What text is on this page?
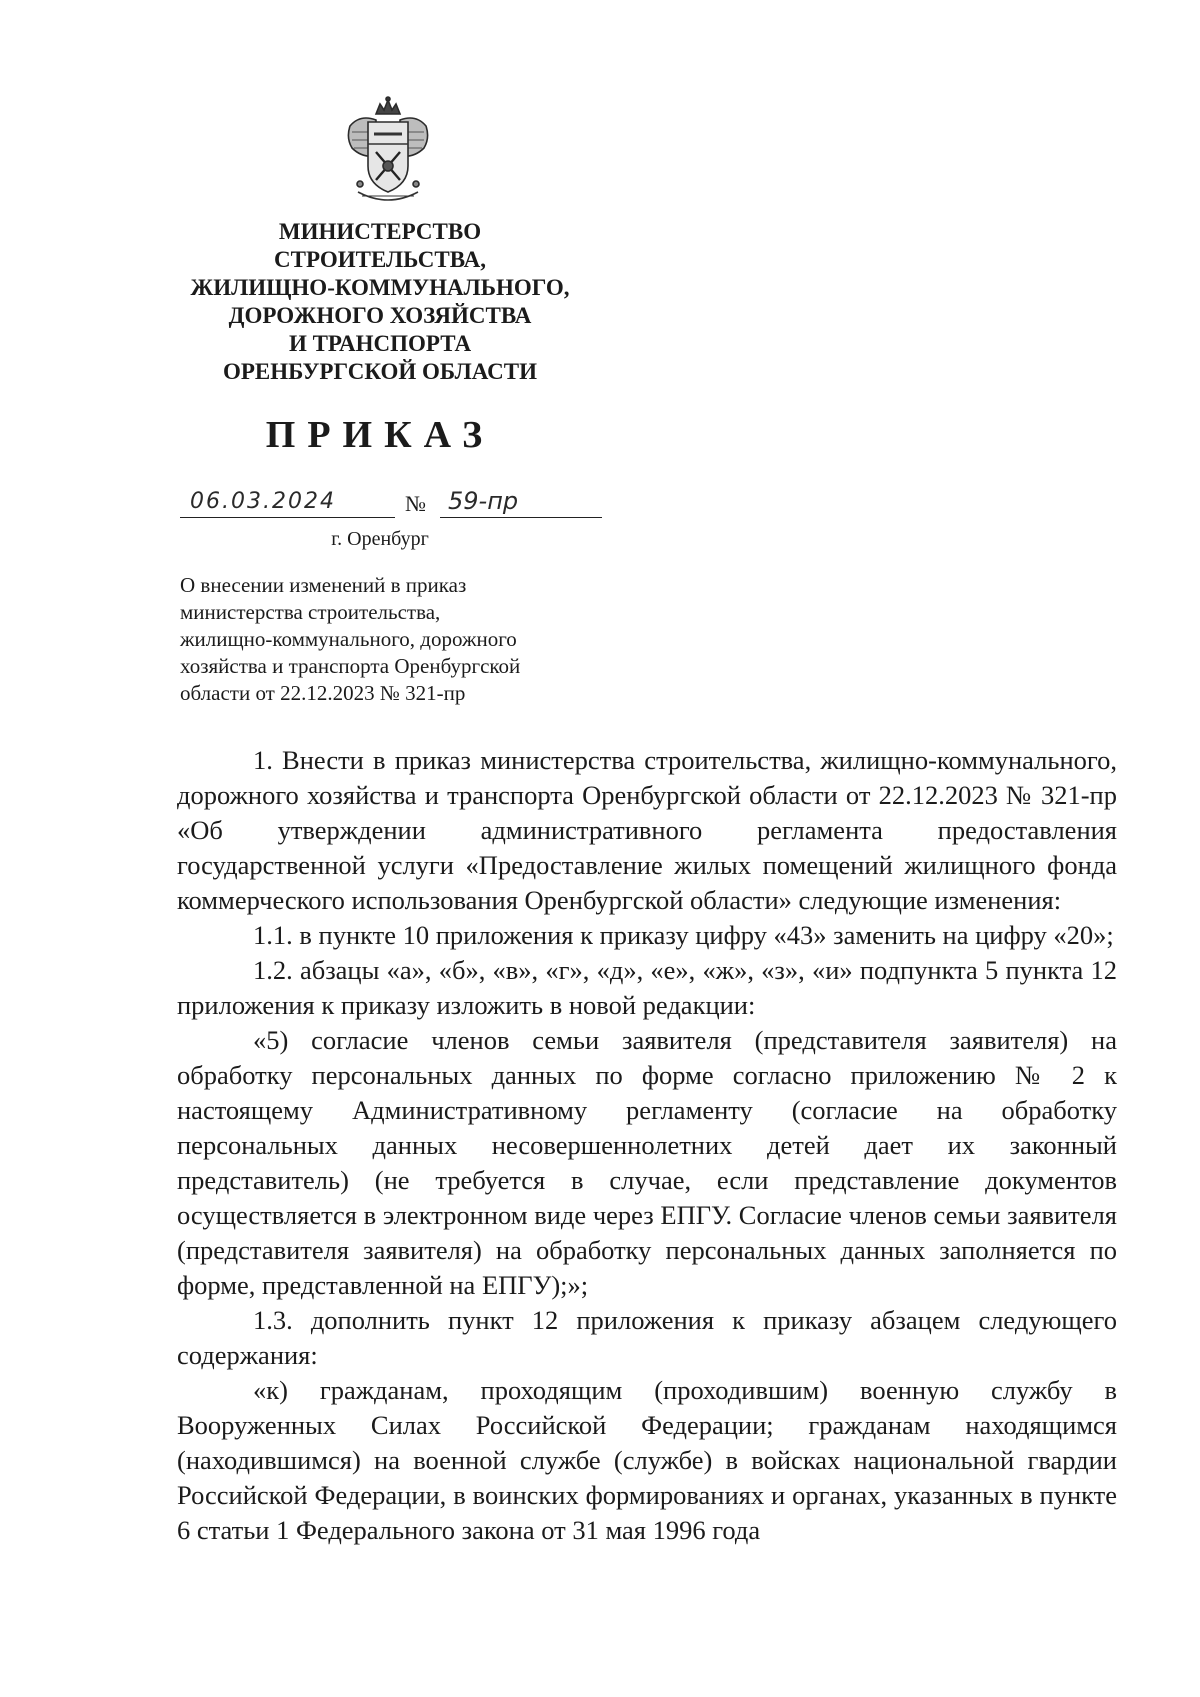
МИНИСТЕРСТВО
СТРОИТЕЛЬСТВА,
ЖИЛИЩНО-КОММУНАЛЬНОГО,
ДОРОЖНОГО ХОЗЯЙСТВА
И ТРАНСПОРТА
ОРЕНБУРГСКОЙ ОБЛАСТИ
ПРИКАЗ
06.03.2024	№ 59-пр
г. Оренбург
О внесении изменений в приказ
министерства строительства,
жилищно-коммунального, дорожного
хозяйства и транспорта Оренбургской
области от 22.12.2023 № 321-пр

1. Внести в приказ министерства строительства, жилищно-коммунального, дорожного хозяйства и транспорта Оренбургской области от 22.12.2023 № 321-пр «Об утверждении административного регламента предоставления государственной услуги «Предоставление жилых помещений жилищного фонда коммерческого использования Оренбургской области» следующие изменения:

1.1. в пункте 10 приложения к приказу цифру «43» заменить на цифру «20»;

1.2. абзацы «а», «б», «в», «г», «д», «е», «ж», «з», «и» подпункта 5 пункта 12 приложения к приказу изложить в новой редакции:

«5) согласие членов семьи заявителя (представителя заявителя) на обработку персональных данных по форме согласно приложению № 2 к настоящему Административному регламенту (согласие на обработку персональных данных несовершеннолетних детей дает их законный представитель) (не требуется в случае, если представление документов осуществляется в электронном виде через ЕПГУ. Согласие членов семьи заявителя (представителя заявителя) на обработку персональных данных заполняется по форме, представленной на ЕПГУ);»;

1.3. дополнить пункт 12 приложения к приказу абзацем следующего содержания:

«к) гражданам, проходящим (проходившим) военную службу в Вооруженных Силах Российской Федерации; гражданам находящимся (находившимся) на военной службе (службе) в войсках национальной гвардии Российской Федерации, в воинских формированиях и органах, указанных в пункте 6 статьи 1 Федерального закона от 31 мая 1996 года
